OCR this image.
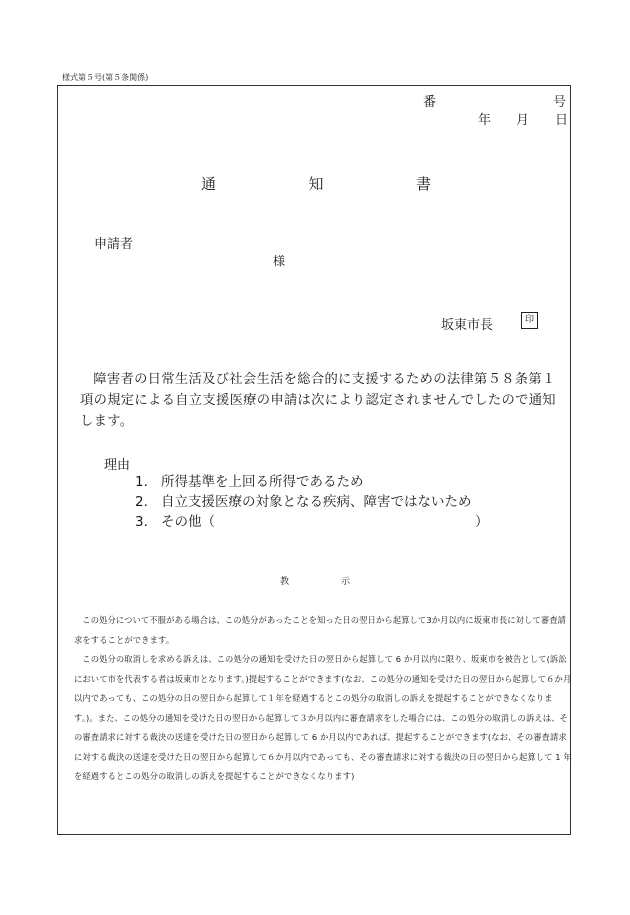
様式第５号(第５条関係)
番	号
年 月 日
通	知	書
申請者
様
坂東市長	印
障害者の日常生活及び社会生活を総合的に支援するための法律第５８条第１項の規定による自立支援医療の申請は次により認定されませんでしたので通知します。
理由
1. 所得基準を上回る所得であるため
2. 自立支援医療の対象となる疾病、障害ではないため
3. その他（	）
教	示

この処分について不服がある場合は、この処分があったことを知った日の翌日から起算して3か月以内に坂東市長に対して審査請求をすることができます。

この処分の取消しを求める訴えは、この処分の通知を受けた日の翌日から起算して 6 か月以内に限り、坂東市を被告として(訴訟において市を代表する者は坂東市となります。)提起することができます(なお、この処分の通知を受けた日の翌日から起算して６か月以内であっても、この処分の日の翌日から起算して１年を経過するとこの処分の取消しの訴えを提起することができなくなります。)。また、この処分の通知を受けた日の翌日から起算して３か月以内に審査請求をした場合には、この処分の取消しの訴えは、その審査請求に対する裁決の送達を受けた日の翌日から起算して 6 か月以内であれば、提起することができます(なお、その審査請求に対する裁決の送達を受けた日の翌日から起算して６か月以内であっても、その審査請求に対する裁決の日の翌日から起算して 1 年を経過するとこの処分の取消しの訴えを提起することができなくなります)
